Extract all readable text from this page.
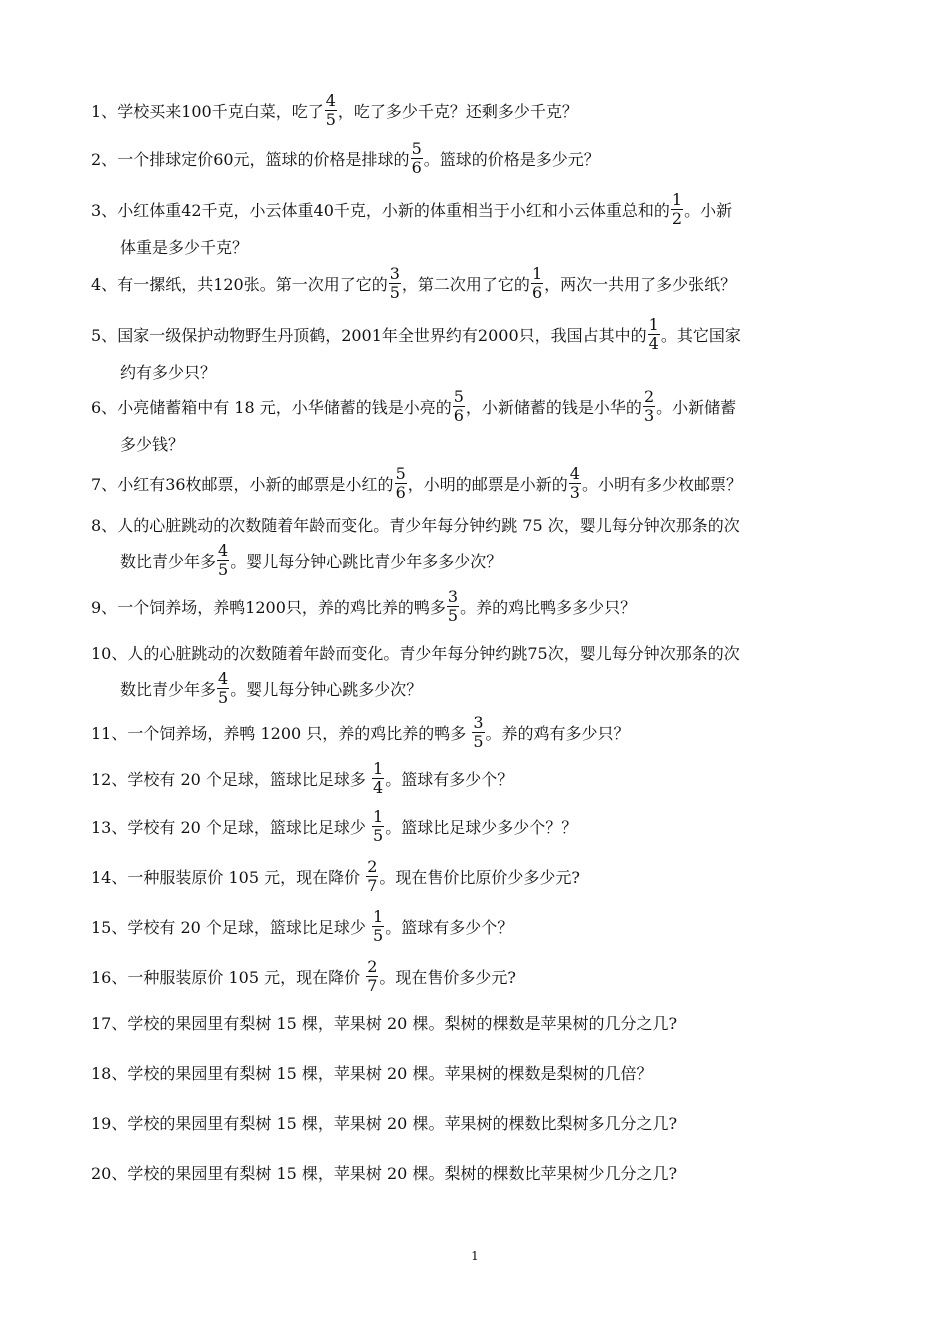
1、学校买来100千克白菜，吃了 $\frac{4}{5}$ ，吃了多少千克？还剩多少千克？
2、一个排球定价60元，篮球的价格是排球的 $\frac{5}{6}$ 。篮球的价格是多少元？
3、小红体重42千克，小云体重40千克，小新的体重相当于小红和小云体重总和的 $\frac{1}{2}$ 。小新
体重是多少千克？
4、有一摞纸，共120张。第一次用了它的 $\frac{3}{5}$ ，第二次用了它的 $\frac{1}{6}$ ，两次一共用了多少张纸？
5、国家一级保护动物野生丹顶鹤，2001年全世界约有2000只，我国占其中的 $\frac{1}{4}$ 。其它国家
约有多少只？
6、小亮储蓄箱中有 18 元，小华储蓄的钱是小亮的 $\frac{5}{6}$ ，小新储蓄的钱是小华的 $\frac{2}{3}$ 。小新储蓄
多少钱？
7、小红有36枚邮票，小新的邮票是小红的 $\frac{5}{6}$ ，小明的邮票是小新的 $\frac{4}{3}$ 。小明有多少枚邮票？
8、人的心脏跳动的次数随着年龄而变化。青少年每分钟约跳 75 次，婴儿每分钟次那条的次
数比青少年多 $\frac{4}{5}$ 。婴儿每分钟心跳比青少年多多少次？
9、一个饲养场，养鸭1200只，养的鸡比养的鸭多 $\frac{3}{5}$ 。养的鸡比鸭多多少只？
10、人的心脏跳动的次数随着年龄而变化。青少年每分钟约跳75次，婴儿每分钟次那条的次
数比青少年多 $\frac{4}{5}$ 。婴儿每分钟心跳多少次？
11、一个饲养场，养鸭 1200 只，养的鸡比养的鸭多 $\frac{3}{5}$ 。养的鸡有多少只？
12、学校有 20 个足球，篮球比足球多 $\frac{1}{4}$ 。篮球有多少个？
13、学校有 20 个足球，篮球比足球少 $\frac{1}{5}$ 。篮球比足球少多少个？？
14、一种服装原价 105 元，现在降价 $\frac{2}{7}$ 。现在售价比原价少多少元?
15、学校有 20 个足球，篮球比足球少 $\frac{1}{5}$ 。篮球有多少个？
16、一种服装原价 105 元，现在降价 $\frac{2}{7}$ 。现在售价多少元?
17、学校的果园里有梨树 15 棵，苹果树 20 棵。梨树的棵数是苹果树的几分之几?
18、学校的果园里有梨树 15 棵，苹果树 20 棵。苹果树的棵数是梨树的几倍？
19、学校的果园里有梨树 15 棵，苹果树 20 棵。苹果树的棵数比梨树多几分之几?
20、学校的果园里有梨树 15 棵，苹果树 20 棵。梨树的棵数比苹果树少几分之几?
1
